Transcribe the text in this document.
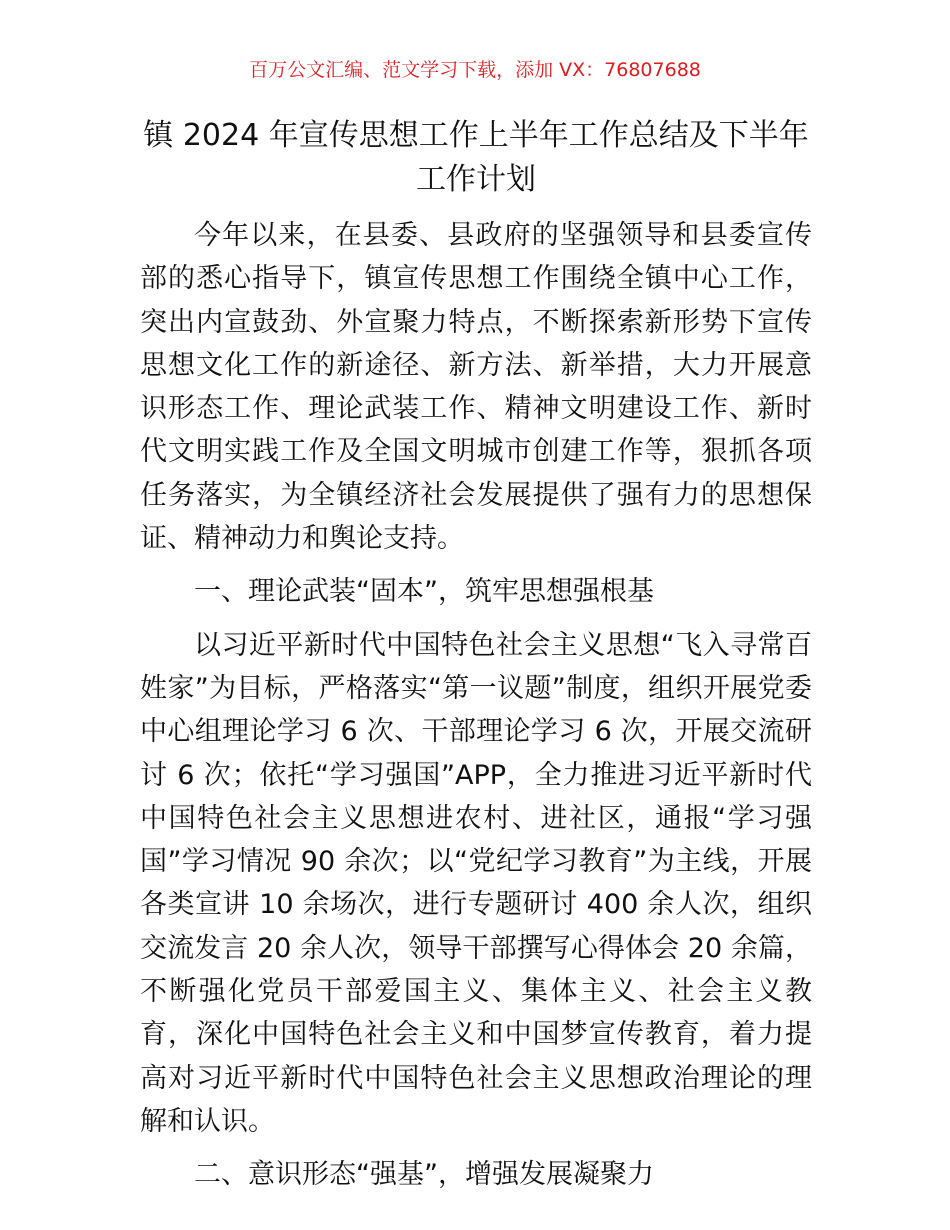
百万公文汇编、范文学习下载，添加 VX：76807688
镇 2024 年宣传思想工作上半年工作总结及下半年工作计划

今年以来，在县委、县政府的坚强领导和县委宣传部的悉心指导下，镇宣传思想工作围绕全镇中心工作，突出内宣鼓劲、外宣聚力特点，不断探索新形势下宣传思想文化工作的新途径、新方法、新举措，大力开展意识形态工作、理论武装工作、精神文明建设工作、新时代文明实践工作及全国文明城市创建工作等，狠抓各项任务落实，为全镇经济社会发展提供了强有力的思想保证、精神动力和舆论支持。

一、理论武装“固本”，筑牢思想强根基

以习近平新时代中国特色社会主义思想“飞入寻常百姓家”为目标，严格落实“第一议题”制度，组织开展党委中心组理论学习 6 次、干部理论学习 6 次，开展交流研讨 6 次；依托“学习强国”APP，全力推进习近平新时代中国特色社会主义思想进农村、进社区，通报“学习强国”学习情况 90 余次；以“党纪学习教育”为主线，开展各类宣讲 10 余场次，进行专题研讨 400 余人次，组织交流发言 20 余人次，领导干部撰写心得体会 20 余篇，不断强化党员干部爱国主义、集体主义、社会主义教育，深化中国特色社会主义和中国梦宣传教育，着力提高对习近平新时代中国特色社会主义思想政治理论的理解和认识。

二、意识形态“强基”，增强发展凝聚力
